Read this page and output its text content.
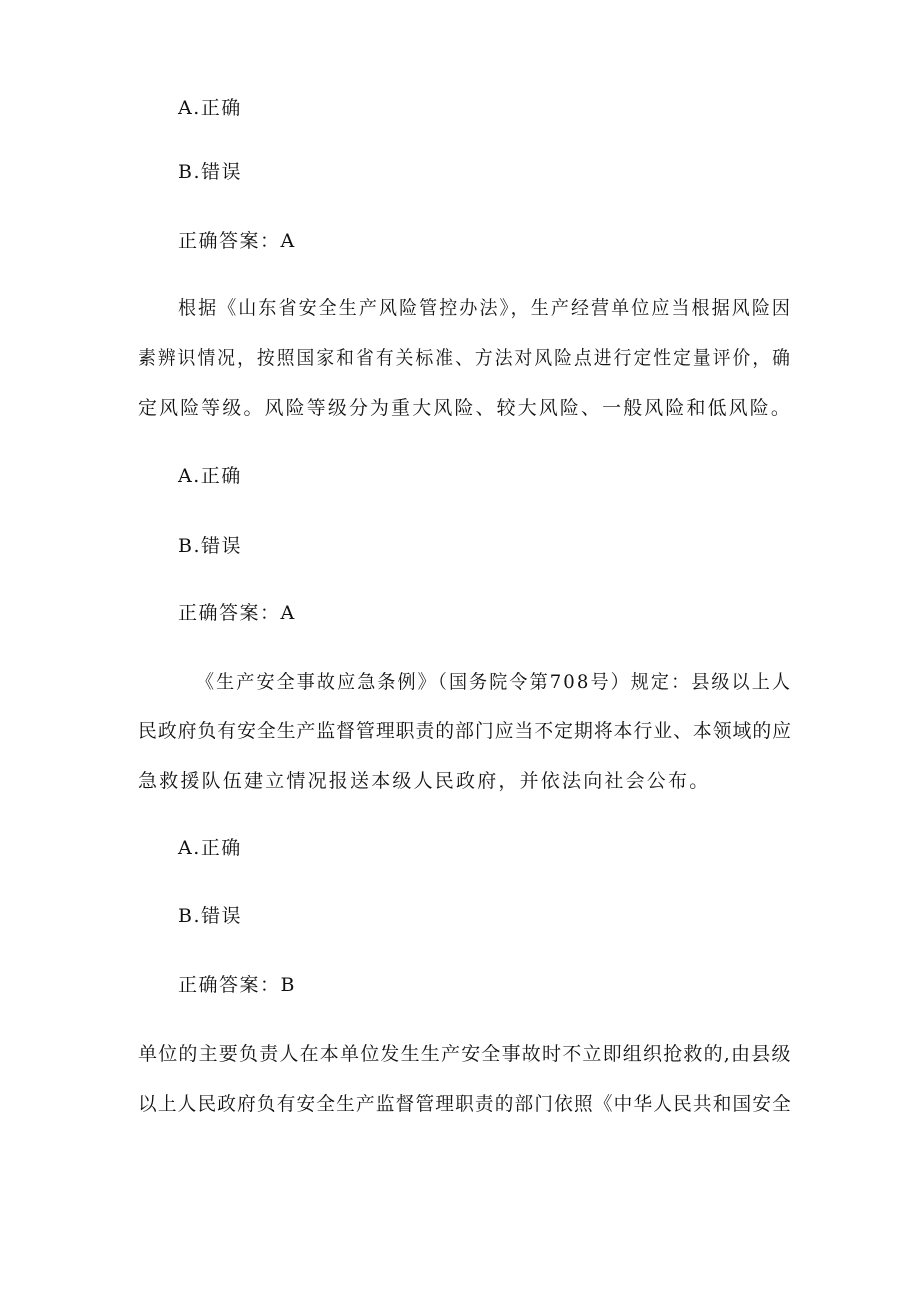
A.正确
B.错误
正确答案：A
根据《山东省安全生产风险管控办法》，生产经营单位应当根据风险因
素辨识情况，按照国家和省有关标准、方法对风险点进行定性定量评价，确
定风险等级。风险等级分为重大风险、较大风险、一般风险和低风险。
A.正确
B.错误
正确答案：A
《生产安全事故应急条例》（国务院令第708号）规定：县级以上人
民政府负有安全生产监督管理职责的部门应当不定期将本行业、本领域的应
急救援队伍建立情况报送本级人民政府，并依法向社会公布。
A.正确
B.错误
正确答案：B
单位的主要负责人在本单位发生生产安全事故时不立即组织抢救的,由县级
以上人民政府负有安全生产监督管理职责的部门依照《中华人民共和国安全
